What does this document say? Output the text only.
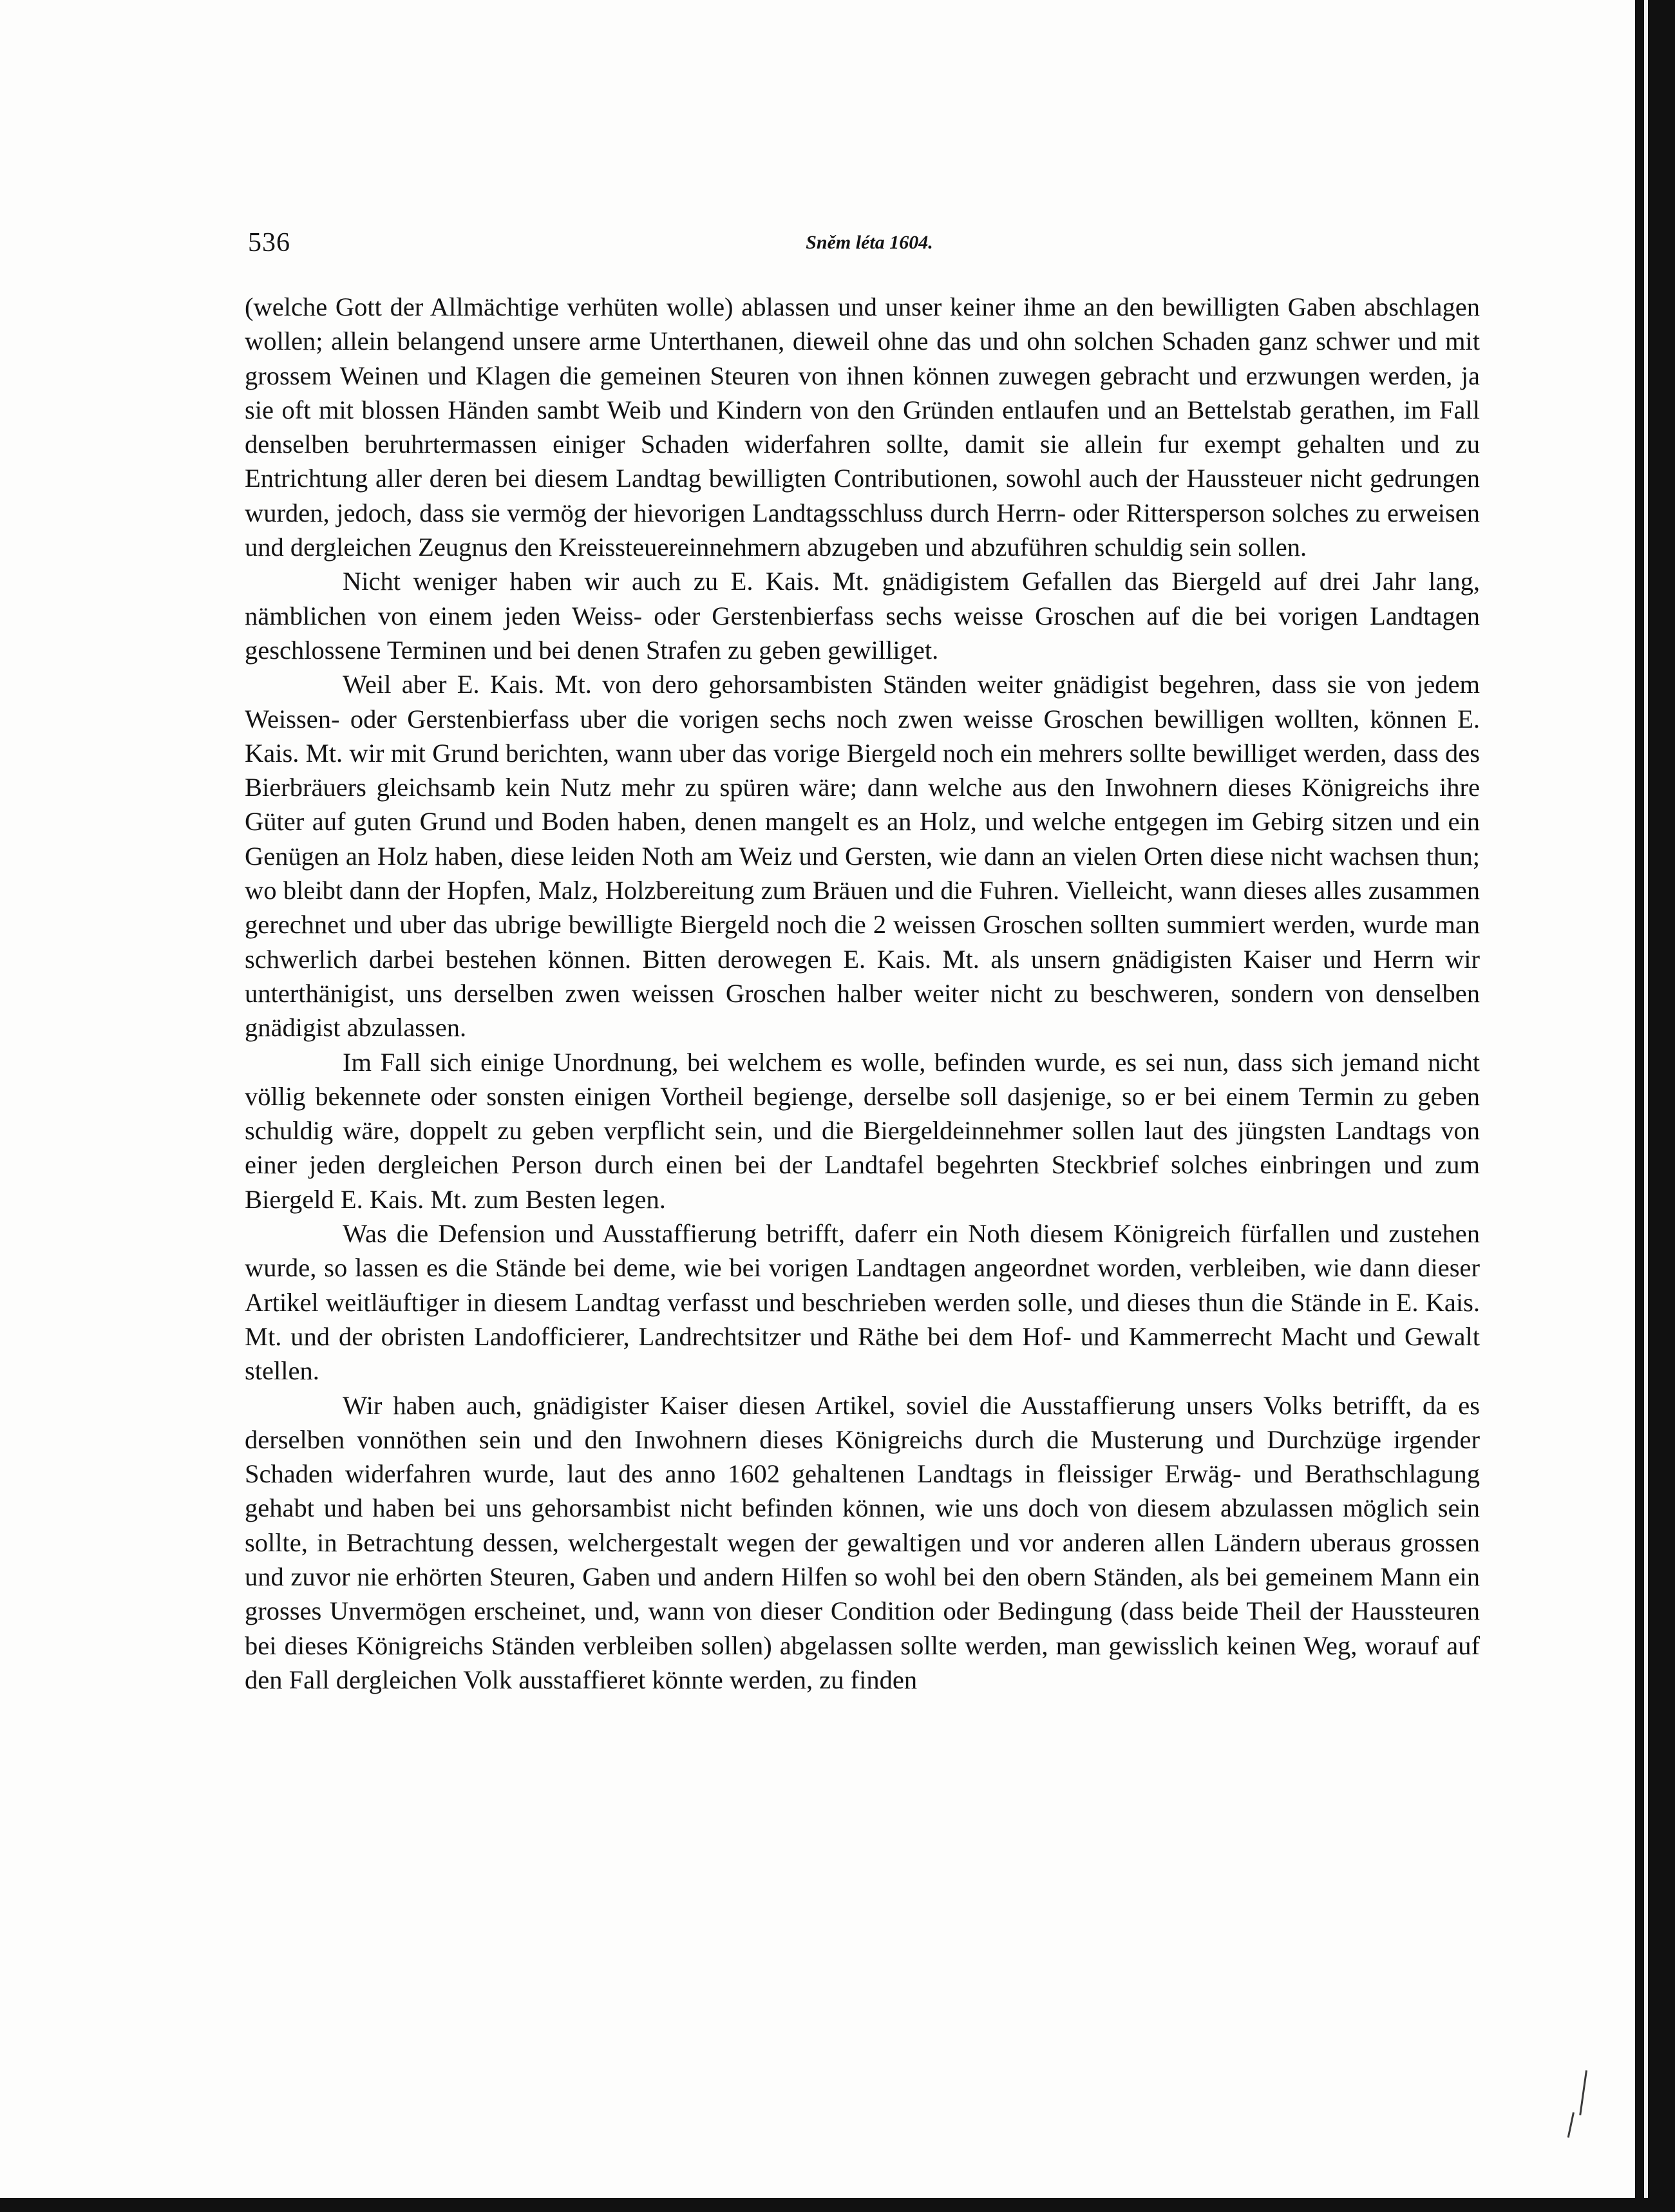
536	Sněm léta 1604.

(welche Gott der Allmächtige verhüten wolle) ablassen und unser keiner ihme an den bewilligten Gaben abschlagen wollen; allein belangend unsere arme Unterthanen, dieweil ohne das und ohn solchen Schaden ganz schwer und mit grossem Weinen und Klagen die gemeinen Steuren von ihnen können zuwegen gebracht und erzwungen werden, ja sie oft mit blossen Händen sambt Weib und Kindern von den Gründen entlaufen und an Bettelstab gerathen, im Fall denselben beruhrtermassen einiger Schaden widerfahren sollte, damit sie allein fur exempt gehalten und zu Entrichtung aller deren bei diesem Landtag bewilligten Contributionen, sowohl auch der Haussteuer nicht gedrungen wurden, jedoch, dass sie vermög der hievorigen Landtagsschluss durch Herrn- oder Rittersperson solches zu erweisen und dergleichen Zeugnus den Kreissteuereinnehmern abzugeben und abzuführen schuldig sein sollen.

Nicht weniger haben wir auch zu E. Kais. Mt. gnädigistem Gefallen das Biergeld auf drei Jahr lang, nämblichen von einem jeden Weiss- oder Gerstenbierfass sechs weisse Groschen auf die bei vorigen Landtagen geschlossene Terminen und bei denen Strafen zu geben gewilliget.

Weil aber E. Kais. Mt. von dero gehorsambisten Ständen weiter gnädigist begehren, dass sie von jedem Weissen- oder Gerstenbierfass uber die vorigen sechs noch zwen weisse Groschen bewilligen wollten, können E. Kais. Mt. wir mit Grund berichten, wann uber das vorige Biergeld noch ein mehrers sollte bewilliget werden, dass des Bierbräuers gleichsamb kein Nutz mehr zu spüren wäre; dann welche aus den Inwohnern dieses Königreichs ihre Güter auf guten Grund und Boden haben, denen mangelt es an Holz, und welche entgegen im Gebirg sitzen und ein Genügen an Holz haben, diese leiden Noth am Weiz und Gersten, wie dann an vielen Orten diese nicht wachsen thun; wo bleibt dann der Hopfen, Malz, Holzbereitung zum Bräuen und die Fuhren. Vielleicht, wann dieses alles zusammen gerechnet und uber das ubrige bewilligte Biergeld noch die 2 weissen Groschen sollten summiert werden, wurde man schwerlich darbei bestehen können. Bitten derowegen E. Kais. Mt. als unsern gnädigisten Kaiser und Herrn wir unterthänigist, uns derselben zwen weissen Groschen halber weiter nicht zu beschweren, sondern von denselben gnädigist abzulassen.

Im Fall sich einige Unordnung, bei welchem es wolle, befinden wurde, es sei nun, dass sich jemand nicht völlig bekennete oder sonsten einigen Vortheil begienge, derselbe soll dasjenige, so er bei einem Termin zu geben schuldig wäre, doppelt zu geben verpflicht sein, und die Biergeldeinnehmer sollen laut des jüngsten Landtags von einer jeden dergleichen Person durch einen bei der Landtafel begehrten Steckbrief solches einbringen und zum Biergeld E. Kais. Mt. zum Besten legen.

Was die Defension und Ausstaffierung betrifft, daferr ein Noth diesem Königreich fürfallen und zustehen wurde, so lassen es die Stände bei deme, wie bei vorigen Landtagen angeordnet worden, verbleiben, wie dann dieser Artikel weitläuftiger in diesem Landtag verfasst und beschrieben werden solle, und dieses thun die Stände in E. Kais. Mt. und der obristen Landofficierer, Landrechtsitzer und Räthe bei dem Hof- und Kammerrecht Macht und Gewalt stellen.

Wir haben auch, gnädigister Kaiser diesen Artikel, soviel die Ausstaffierung unsers Volks betrifft, da es derselben vonnöthen sein und den Inwohnern dieses Königreichs durch die Musterung und Durchzüge irgender Schaden widerfahren wurde, laut des anno 1602 gehaltenen Landtags in fleissiger Erwäg- und Berathschlagung gehabt und haben bei uns gehorsambist nicht befinden können, wie uns doch von diesem abzulassen möglich sein sollte, in Betrachtung dessen, welchergestalt wegen der gewaltigen und vor anderen allen Ländern uberaus grossen und zuvor nie erhörten Steuren, Gaben und andern Hilfen so wohl bei den obern Ständen, als bei gemeinem Mann ein grosses Unvermögen erscheinet, und, wann von dieser Condition oder Bedingung (dass beide Theil der Haussteuren bei dieses Königreichs Ständen verbleiben sollen) abgelassen sollte werden, man gewisslich keinen Weg, worauf auf den Fall dergleichen Volk ausstaffieret könnte werden, zu finden
